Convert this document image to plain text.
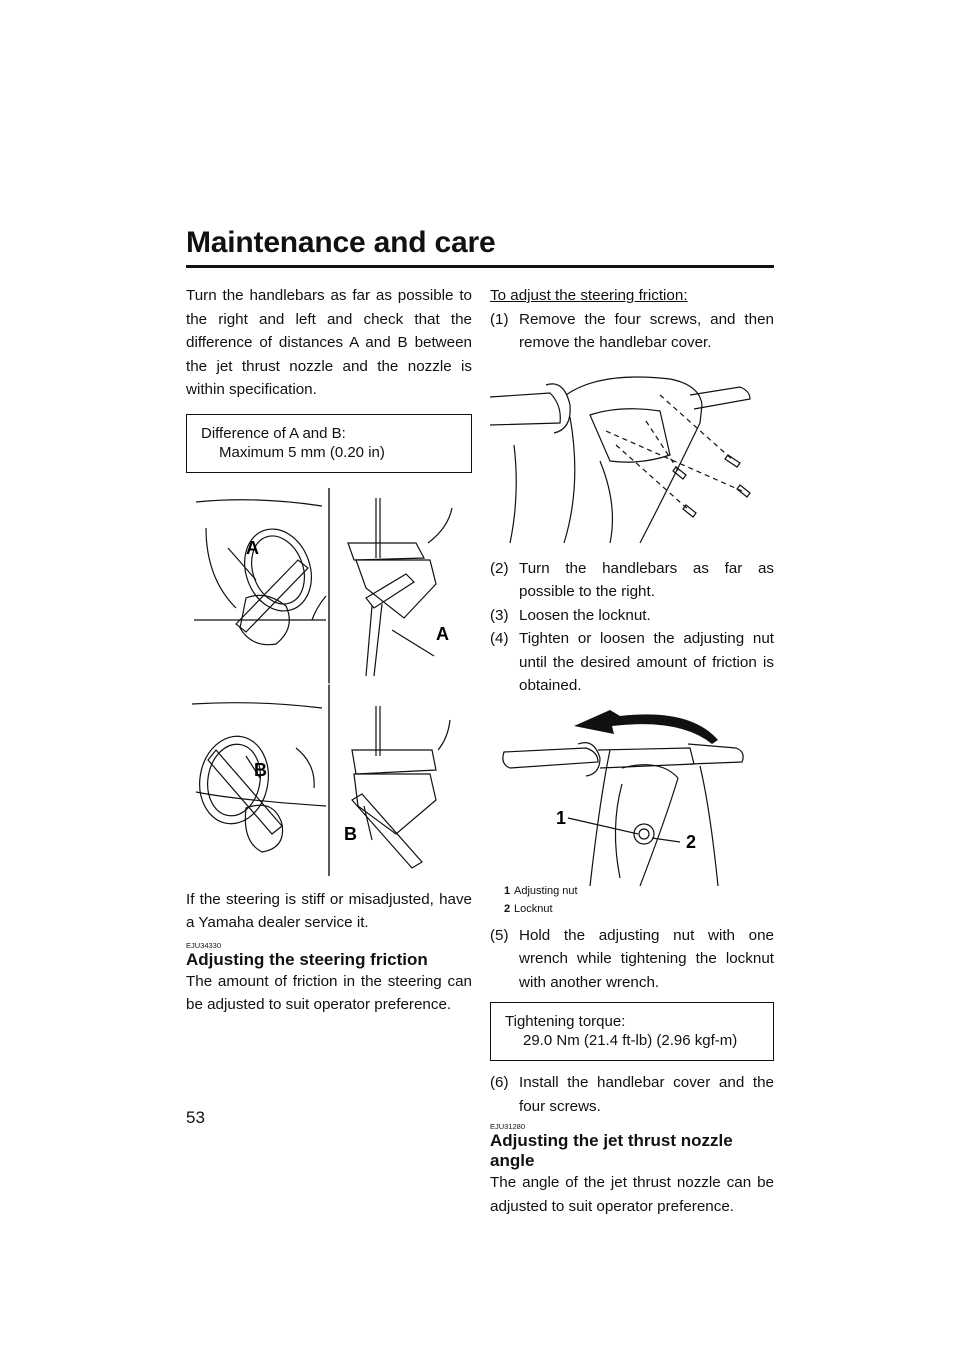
Maintenance and care

Turn the handlebars as far as possible to the right and left and check that the difference of distances A and B between the jet thrust nozzle and the nozzle is within specification.

Difference of A and B:
Maximum 5 mm (0.20 in)
A
A
B
B

If the steering is stiff or misadjusted, have a Yamaha dealer service it.

EJU34330
Adjusting the steering friction

The amount of friction in the steering can be adjusted to suit operator preference.

To adjust the steering friction:
(1) Remove the four screws, and then remove the handlebar cover.
(2) Turn the handlebars as far as possible to the right.
(3) Loosen the locknut.
(4) Tighten or loosen the adjusting nut until the desired amount of friction is obtained.
1
2
1 Adjusting nut
2 Locknut
(5) Hold the adjusting nut with one wrench while tightening the locknut with another wrench.
Tightening torque:
29.0 Nm (21.4 ft-lb) (2.96 kgf-m)
(6) Install the handlebar cover and the four screws.
EJU31280
Adjusting the jet thrust nozzle angle

The angle of the jet thrust nozzle can be adjusted to suit operator preference.

53
